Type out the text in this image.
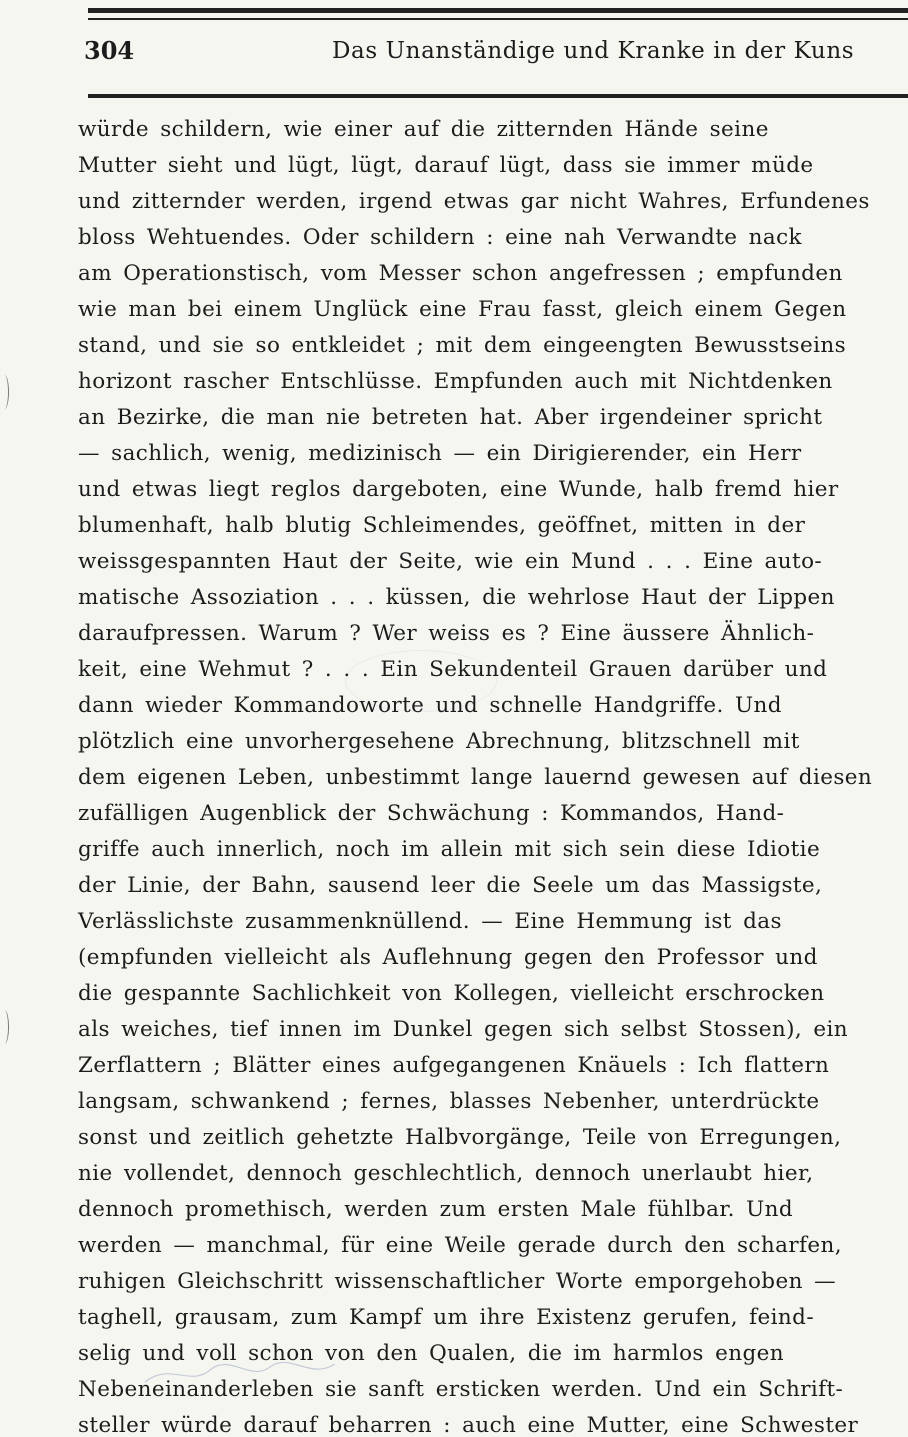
304	Das Unanständige und Kranke in der Kuns
würde schildern, wie einer auf die zitternden Hände seine
Mutter sieht und lügt, lügt, darauf lügt, dass sie immer müde
und zitternder werden, irgend etwas gar nicht Wahres, Erfundenes
bloss Wehtuendes. Oder schildern : eine nah Verwandte nack
am Operationstisch, vom Messer schon angefressen ; empfunden
wie man bei einem Unglück eine Frau fasst, gleich einem Gegen
stand, und sie so entkleidet ; mit dem eingeengten Bewusstseins
horizont rascher Entschlüsse. Empfunden auch mit Nichtdenken
an Bezirke, die man nie betreten hat. Aber irgendeiner spricht
— sachlich, wenig, medizinisch — ein Dirigierender, ein Herr
und etwas liegt reglos dargeboten, eine Wunde, halb fremd hier
blumenhaft, halb blutig Schleimendes, geöffnet, mitten in der
weissgespannten Haut der Seite, wie ein Mund . . . Eine auto-
matische Assoziation . . . küssen, die wehrlose Haut der Lippen
daraufpressen. Warum ? Wer weiss es ? Eine äussere Ähnlich-
keit, eine Wehmut ? . . . Ein Sekundenteil Grauen darüber und
dann wieder Kommandoworte und schnelle Handgriffe. Und
plötzlich eine unvorhergesehene Abrechnung, blitzschnell mit
dem eigenen Leben, unbestimmt lange lauernd gewesen auf diesen
zufälligen Augenblick der Schwächung : Kommandos, Hand-
griffe auch innerlich, noch im allein mit sich sein diese Idiotie
der Linie, der Bahn, sausend leer die Seele um das Massigste,
Verlässlichste zusammenknüllend. — Eine Hemmung ist das
(empfunden vielleicht als Auflehnung gegen den Professor und
die gespannte Sachlichkeit von Kollegen, vielleicht erschrocken
als weiches, tief innen im Dunkel gegen sich selbst Stossen), ein
Zerflattern ; Blätter eines aufgegangenen Knäuels : Ich flattern
langsam, schwankend ; fernes, blasses Nebenher, unterdrückte
sonst und zeitlich gehetzte Halbvorgänge, Teile von Erregungen,
nie vollendet, dennoch geschlechtlich, dennoch unerlaubt hier,
dennoch promethisch, werden zum ersten Male fühlbar. Und
werden — manchmal, für eine Weile gerade durch den scharfen,
ruhigen Gleichschritt wissenschaftlicher Worte emporgehoben —
taghell, grausam, zum Kampf um ihre Existenz gerufen, feind-
selig und voll schon von den Qualen, die im harmlos engen
Nebeneinanderleben sie sanft ersticken werden. Und ein Schrift-
steller würde darauf beharren : auch eine Mutter, eine Schwester
